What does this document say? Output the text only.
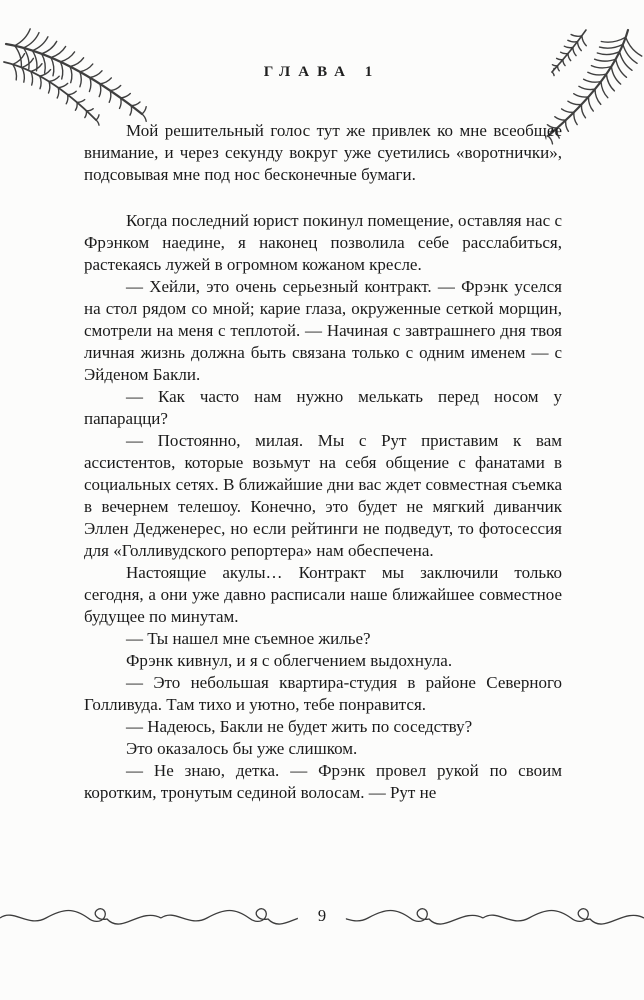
ГЛАВА 1

Мой решительный голос тут же привлек ко мне всеобщее внимание, и через секунду вокруг уже суетились «воротнички», подсовывая мне под нос бесконечные бумаги.

Когда последний юрист покинул помещение, оставляя нас с Фрэнком наедине, я наконец позволила себе расслабиться, растекаясь лужей в огромном кожаном кресле.

— Хейли, это очень серьезный контракт. — Фрэнк уселся на стол рядом со мной; карие глаза, окруженные сеткой морщин, смотрели на меня с теплотой. — Начиная с завтрашнего дня твоя личная жизнь должна быть связана только с одним именем — с Эйденом Бакли.

— Как часто нам нужно мелькать перед носом у папарацци?

— Постоянно, милая. Мы с Рут приставим к вам ассистентов, которые возьмут на себя общение с фанатами в социальных сетях. В ближайшие дни вас ждет совместная съемка в вечернем телешоу. Конечно, это будет не мягкий диванчик Эллен Дедженерес, но если рейтинги не подведут, то фотосессия для «Голливудского репортера» нам обеспечена.

Настоящие акулы… Контракт мы заключили только сегодня, а они уже давно расписали наше ближайшее совместное будущее по минутам.

— Ты нашел мне съемное жилье?

Фрэнк кивнул, и я с облегчением выдохнула.

— Это небольшая квартира-студия в районе Северного Голливуда. Там тихо и уютно, тебе понравится.

— Надеюсь, Бакли не будет жить по соседству?

Это оказалось бы уже слишком.

— Не знаю, детка. — Фрэнк провел рукой по своим коротким, тронутым сединой волосам. — Рут не

9
